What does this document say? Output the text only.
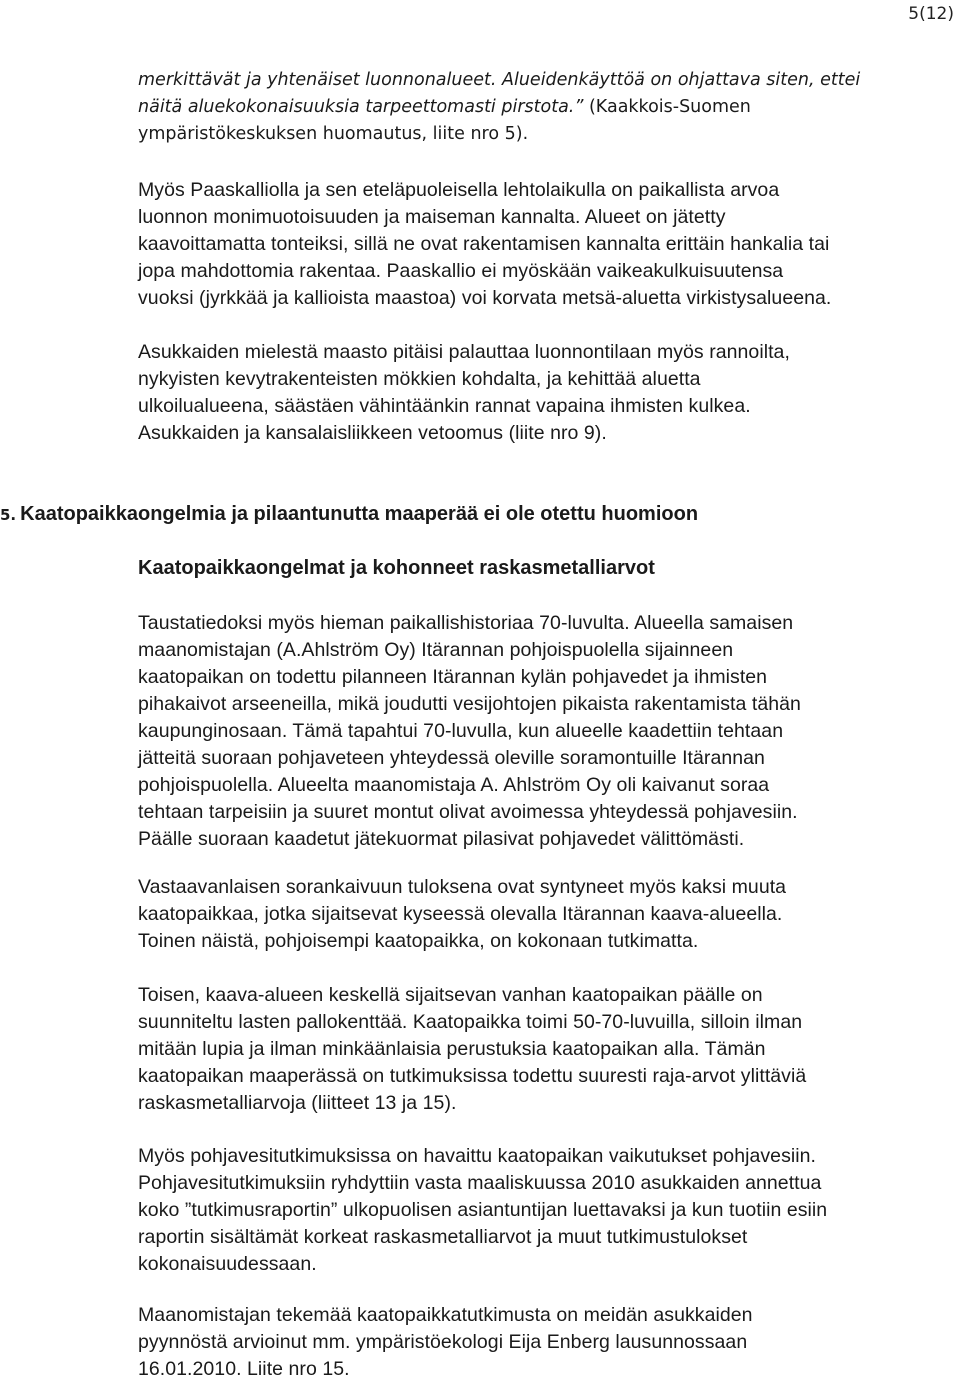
5(12)
merkittävät ja yhtenäiset luonnonalueet. Alueidenkäyttöä on ohjattava siten, ettei
näitä aluekokonaisuuksia tarpeettomasti pirstota.” (Kaakkois-Suomen
ympäristökeskuksen huomautus, liite nro 5).
Myös Paaskalliolla ja sen eteläpuoleisella lehtolaikulla on paikallista arvoa
luonnon monimuotoisuuden ja maiseman kannalta. Alueet on jätetty
kaavoittamatta tonteiksi, sillä ne ovat rakentamisen kannalta erittäin hankalia tai
jopa mahdottomia rakentaa. Paaskallio ei myöskään vaikeakulkuisuutensa
vuoksi (jyrkkää ja kallioista maastoa) voi korvata metsä-aluetta virkistysalueena.
Asukkaiden mielestä maasto pitäisi palauttaa luonnontilaan myös rannoilta,
nykyisten kevytrakenteisten mökkien kohdalta, ja kehittää aluetta
ulkoilualueena, säästäen vähintäänkin rannat vapaina ihmisten kulkea.
Asukkaiden ja kansalaisliikkeen vetoomus (liite nro 9).
5. Kaatopaikkaongelmia ja pilaantunutta maaperää ei ole otettu huomioon
Kaatopaikkaongelmat ja kohonneet raskasmetalliarvot
Taustatiedoksi myös hieman paikallishistoriaa 70-luvulta. Alueella samaisen
maanomistajan (A.Ahlström Oy) Itärannan pohjoispuolella sijainneen
kaatopaikan on todettu pilanneen Itärannan kylän pohjavedet ja ihmisten
pihakaivot arseeneilla, mikä joudutti vesijohtojen pikaista rakentamista tähän
kaupunginosaan. Tämä tapahtui 70-luvulla, kun alueelle kaadettiin tehtaan
jätteitä suoraan pohjaveteen yhteydessä oleville soramontuille Itärannan
pohjoispuolella. Alueelta maanomistaja A. Ahlström Oy oli kaivanut soraa
tehtaan tarpeisiin ja suuret montut olivat avoimessa yhteydessä pohjavesiin.
Päälle suoraan kaadetut jätekuormat pilasivat pohjavedet välittömästi.
Vastaavanlaisen sorankaivuun tuloksena ovat syntyneet myös kaksi muuta
kaatopaikkaa, jotka sijaitsevat kyseessä olevalla Itärannan kaava-alueella.
Toinen näistä, pohjoisempi kaatopaikka, on kokonaan tutkimatta.
Toisen, kaava-alueen keskellä sijaitsevan vanhan kaatopaikan päälle on
suunniteltu lasten pallokenttää. Kaatopaikka toimi 50-70-luvuilla, silloin ilman
mitään lupia ja ilman minkäänlaisia perustuksia kaatopaikan alla. Tämän
kaatopaikan maaperässä on tutkimuksissa todettu suuresti raja-arvot ylittäviä
raskasmetalliarvoja (liitteet 13 ja 15).
Myös pohjavesitutkimuksissa on havaittu kaatopaikan vaikutukset pohjavesiin.
Pohjavesitutkimuksiin ryhdyttiin vasta maaliskuussa 2010 asukkaiden annettua
koko ”tutkimusraportin” ulkopuolisen asiantuntijan luettavaksi ja kun tuotiin esiin
raportin sisältämät korkeat raskasmetalliarvot ja muut tutkimustulokset
kokonaisuudessaan.
Maanomistajan tekemää kaatopaikkatutkimusta on meidän asukkaiden
pyynnöstä arvioinut mm. ympäristöekologi Eija Enberg lausunnossaan
16.01.2010. Liite nro 15.
